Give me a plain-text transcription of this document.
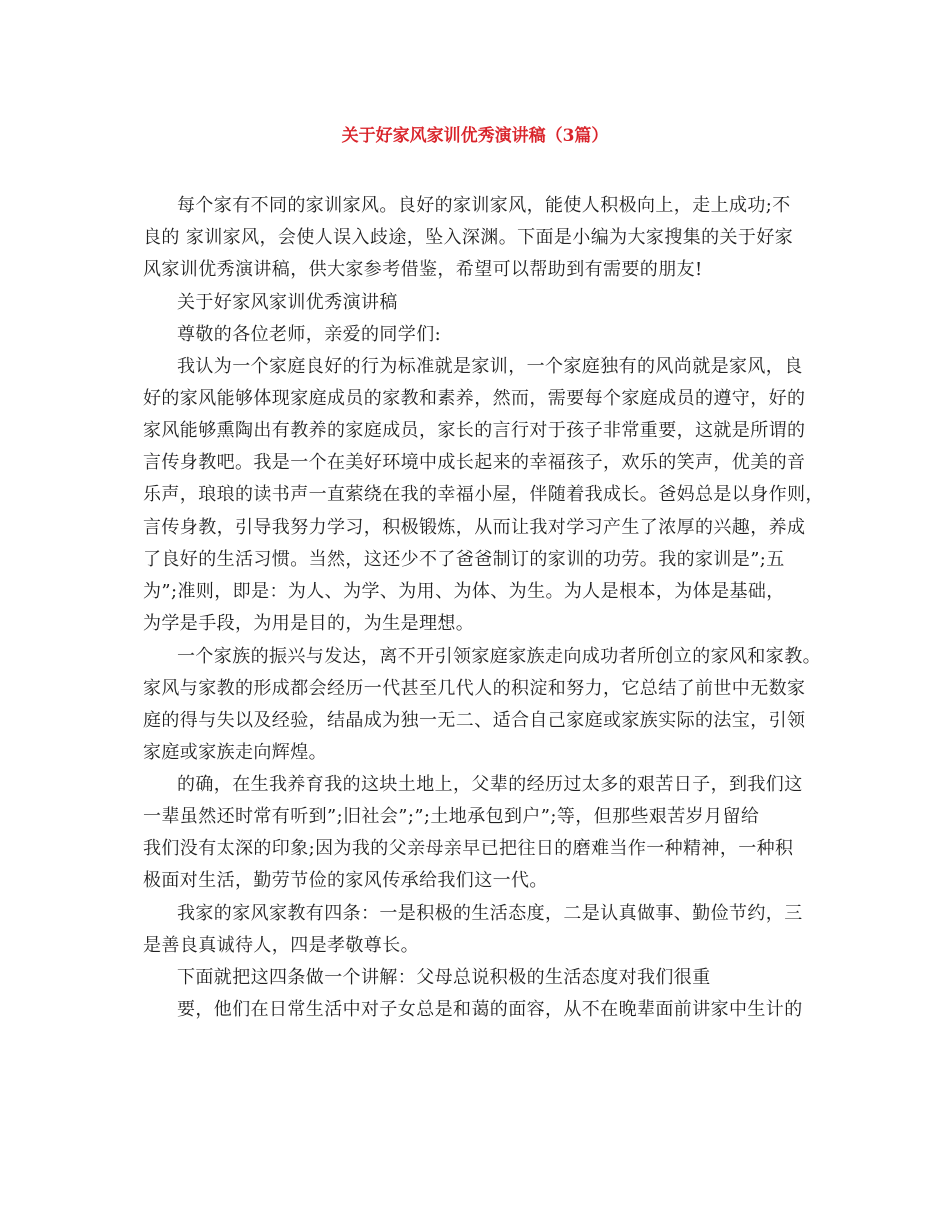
关于好家风家训优秀演讲稿（3篇）
每个家有不同的家训家风。良好的家训家风，能使人积极向上，走上成功;不
良的 家训家风，会使人误入歧途，坠入深渊。下面是小编为大家搜集的关于好家
风家训优秀演讲稿，供大家参考借鉴，希望可以帮助到有需要的朋友!
关于好家风家训优秀演讲稿
尊敬的各位老师，亲爱的同学们:
我认为一个家庭良好的行为标准就是家训，一个家庭独有的风尚就是家风，良
好的家风能够体现家庭成员的家教和素养，然而，需要每个家庭成员的遵守，好的
家风能够熏陶出有教养的家庭成员，家长的言行对于孩子非常重要，这就是所谓的
言传身教吧。我是一个在美好环境中成长起来的幸福孩子，欢乐的笑声，优美的音
乐声，琅琅的读书声一直萦绕在我的幸福小屋，伴随着我成长。爸妈总是以身作则，
言传身教，引导我努力学习，积极锻炼，从而让我对学习产生了浓厚的兴趣，养成
了良好的生活习惯。当然，这还少不了爸爸制订的家训的功劳。我的家训是”;五
为”;准则，即是：为人、为学、为用、为体、为生。为人是根本，为体是基础，
为学是手段，为用是目的，为生是理想。
一个家族的振兴与发达，离不开引领家庭家族走向成功者所创立的家风和家教。
家风与家教的形成都会经历一代甚至几代人的积淀和努力，它总结了前世中无数家
庭的得与失以及经验，结晶成为独一无二、适合自己家庭或家族实际的法宝，引领
家庭或家族走向辉煌。
的确，在生我养育我的这块土地上，父辈的经历过太多的艰苦日子，到我们这
一辈虽然还时常有听到”;旧社会”;”;土地承包到户”;等，但那些艰苦岁月留给
我们没有太深的印象;因为我的父亲母亲早已把往日的磨难当作一种精神，一种积
极面对生活，勤劳节俭的家风传承给我们这一代。
我家的家风家教有四条：一是积极的生活态度，二是认真做事、勤俭节约，三
是善良真诚待人，四是孝敬尊长。
下面就把这四条做一个讲解：父母总说积极的生活态度对我们很重
要，他们在日常生活中对子女总是和蔼的面容，从不在晚辈面前讲家中生计的
